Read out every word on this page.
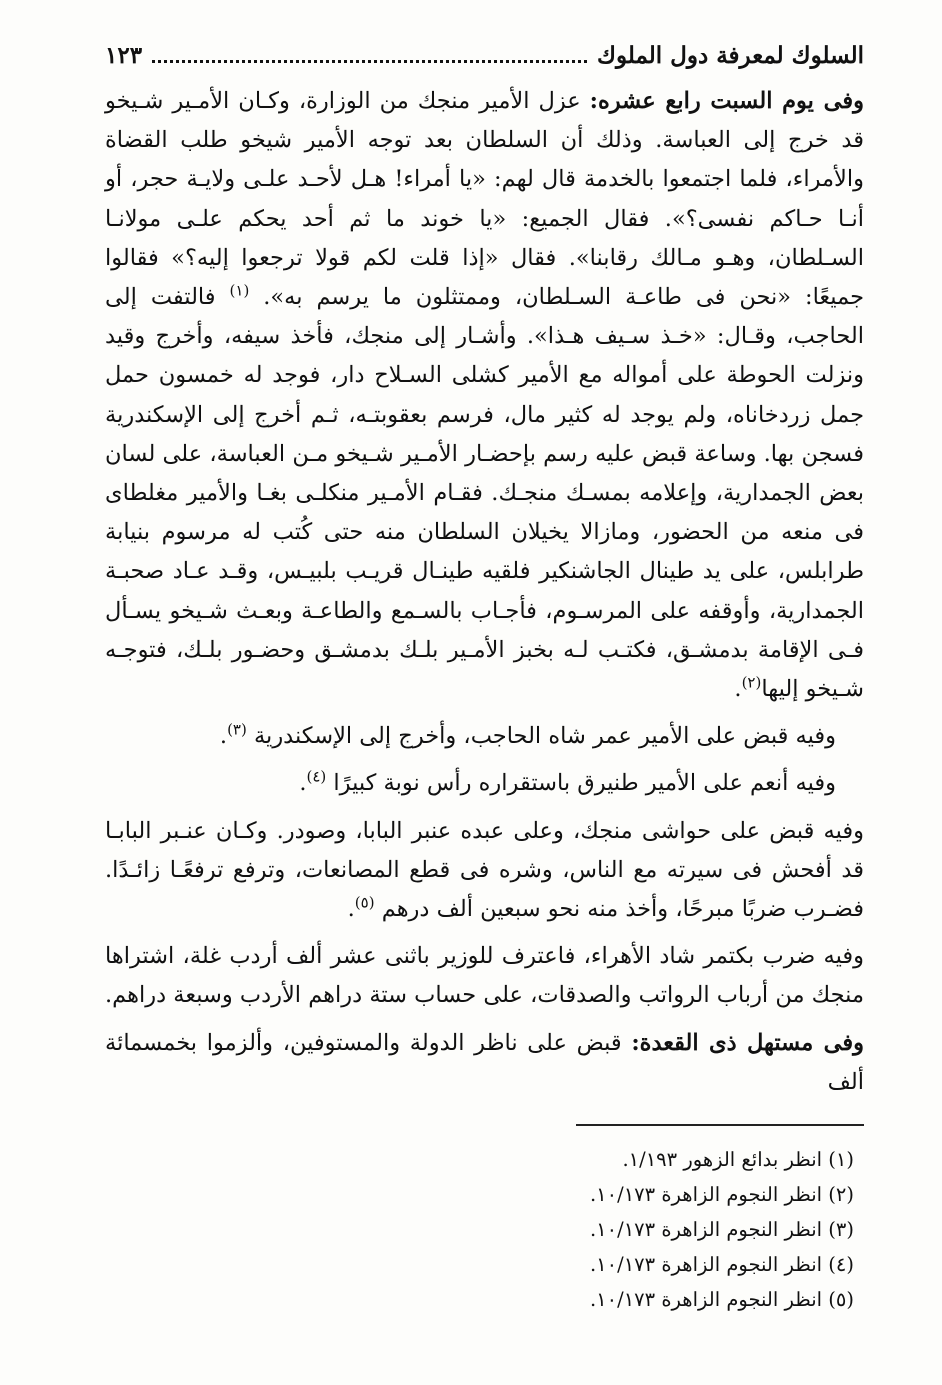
السلوك لمعرفة دول الملوك
١٢٣

وفى يوم السبت رابع عشره: عزل الأمير منجك من الوزارة، وكـان الأمـير شـيخو قد خرج إلى العباسة. وذلك أن السلطان بعد توجه الأمير شيخو طلب القضاة والأمراء، فلما اجتمعوا بالخدمة قال لهم: «يا أمراء! هـل لأحـد علـى ولايـة حجر، أو أنـا حـاكم نفسى؟». فقال الجميع: «يا خوند ما ثم أحد يحكم علـى مولانـا السـلطان، وهـو مـالك رقابنا». فقال «إذا قلت لكم قولا ترجعوا إليه؟» فقالوا جميعًا: «نحن فى طاعـة السـلطان، وممتثلون ما يرسم به». $^{(١)}$ فالتفت إلى الحاجب، وقـال: «خـذ سـيف هـذا». وأشـار إلى منجك، فأخذ سيفه، وأخرج وقيد ونزلت الحوطة على أمواله مع الأمير كشلى السـلاح دار، فوجد له خمسون حمل جمل زردخاناه، ولم يوجد له كثير مال، فرسم بعقوبتـه، ثـم أخرج إلى الإسكندرية فسجن بها. وساعة قبض عليه رسم بإحضـار الأمـير شـيخو مـن العباسة، على لسان بعض الجمدارية، وإعلامه بمسـك منجـك. فقـام الأمـير منكلـى بغـا والأمير مغلطاى فى منعه من الحضور، ومازالا يخيلان السلطان منه حتى كُتب له مرسوم بنيابة طرابلس، على يد طينال الجاشنكير فلقيه طينـال قريـب بلبيـس، وقـد عـاد صحبـة الجمدارية، وأوقفه على المرسـوم، فأجـاب بالسـمع والطاعـة وبعـث شـيخو يسـأل فـى الإقامة بدمشـق، فكتـب لـه بخبز الأمـير بلـك بدمشـق وحضـور بلـك، فتوجـه شـيخو إليها$^{(٢)}$.

وفيه قبض على الأمير عمر شاه الحاجب، وأخرج إلى الإسكندرية $^{(٣)}$.

وفيه أنعم على الأمير طنيرق باستقراره رأس نوبة كبيرًا $^{(٤)}$.

وفيه قبض على حواشى منجك، وعلى عبده عنبر البابا، وصودر. وكـان عنـبر البابـا قد أفحش فى سيرته مع الناس، وشره فى قطع المصانعات، وترفع ترفعًـا زائـدًا. فضـرب ضربًا مبرحًا، وأخذ منه نحو سبعين ألف درهم $^{(٥)}$.

وفيه ضرب بكتمر شاد الأهراء، فاعترف للوزير باثنى عشر ألف أردب غلة، اشتراها منجك من أرباب الرواتب والصدقات، على حساب ستة دراهم الأردب وسبعة دراهم.

وفى مستهل ذى القعدة: قبض على ناظر الدولة والمستوفين، وألزموا بخمسمائة ألف

(١) انظر بدائع الزهور ١/١٩٣.
(٢) انظر النجوم الزاهرة ١٠/١٧٣.
(٣) انظر النجوم الزاهرة ١٠/١٧٣.
(٤) انظر النجوم الزاهرة ١٠/١٧٣.
(٥) انظر النجوم الزاهرة ١٠/١٧٣.
